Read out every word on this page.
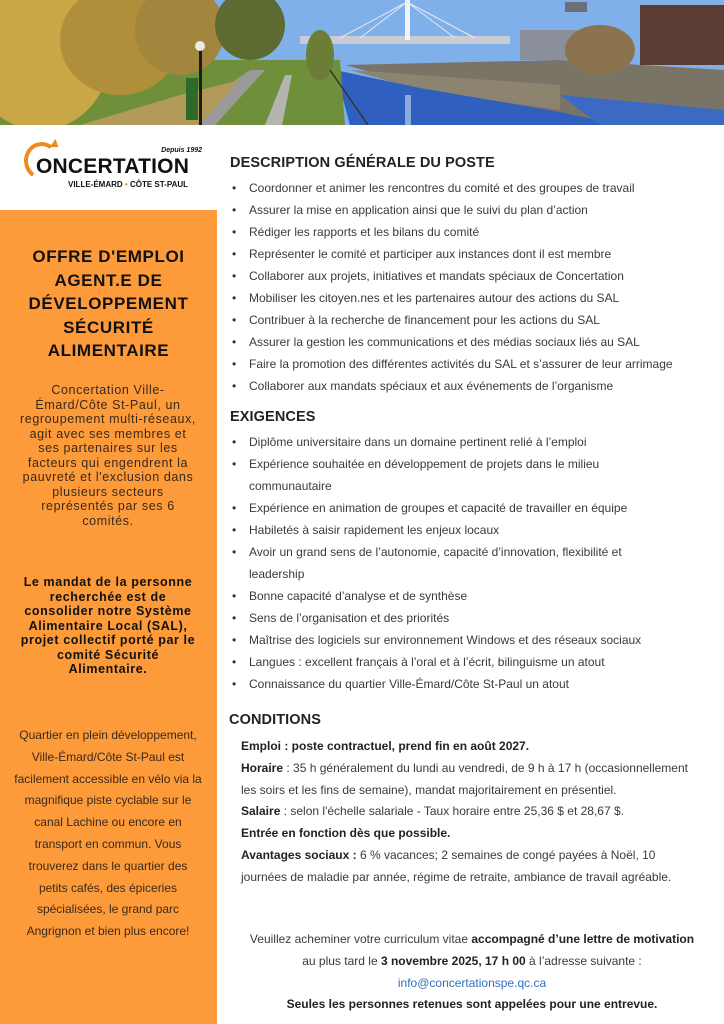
Depuis 1992
ONCERTATION
VILLE-ÉMARD • CÔTE ST-PAUL
OFFRE D'EMPLOI
AGENT.E DE
DÉVELOPPEMENT
SÉCURITÉ
ALIMENTAIRE

Concertation Ville-Émard/Côte St-Paul, un regroupement multi-réseaux, agit avec ses membres et ses partenaires sur les facteurs qui engendrent la pauvreté et l'exclusion dans plusieurs secteurs représentés par ses 6 comités.

Le mandat de la personne recherchée est de consolider notre Système Alimentaire Local (SAL), projet collectif porté par le comité Sécurité Alimentaire.

Quartier en plein développement, Ville-Émard/Côte St-Paul est facilement accessible en vélo via la magnifique piste cyclable sur le canal Lachine ou encore en transport en commun. Vous trouverez dans le quartier des petits cafés, des épiceries spécialisées, le grand parc Angrignon et bien plus encore!

DESCRIPTION GÉNÉRALE DU POSTE
• Coordonner et animer les rencontres du comité et des groupes de travail
• Assurer la mise en application ainsi que le suivi du plan d’action
• Rédiger les rapports et les bilans du comité
• Représenter le comité et participer aux instances dont il est membre
• Collaborer aux projets, initiatives et mandats spéciaux de Concertation
• Mobiliser les citoyen.nes et les partenaires autour des actions du SAL
• Contribuer à la recherche de financement pour les actions du SAL
• Assurer la gestion les communications et des médias sociaux liés au SAL
• Faire la promotion des différentes activités du SAL et s’assurer de leur arrimage
• Collaborer aux mandats spéciaux et aux événements de l’organisme
EXIGENCES
• Diplôme universitaire dans un domaine pertinent relié à l’emploi
• Expérience souhaitée en développement de projets dans le milieu communautaire
• Expérience en animation de groupes et capacité de travailler en équipe
• Habiletés à saisir rapidement les enjeux locaux
• Avoir un grand sens de l’autonomie, capacité d’innovation, flexibilité et leadership
• Bonne capacité d’analyse et de synthèse
• Sens de l’organisation et des priorités
• Maîtrise des logiciels sur environnement Windows et des réseaux sociaux
• Langues : excellent français à l’oral et à l’écrit, bilinguisme un atout
• Connaissance du quartier Ville-Émard/Côte St-Paul un atout
CONDITIONS
Emploi : poste contractuel, prend fin en août 2027.
Horaire : 35 h généralement du lundi au vendredi, de 9 h à 17 h (occasionnellement les soirs et les fins de semaine), mandat majoritairement en présentiel.
Salaire : selon l'échelle salariale - Taux horaire entre 25,36 $ et 28,67 $.
Entrée en fonction dès que possible.
Avantages sociaux : 6 % vacances; 2 semaines de congé payées à Noël, 10 journées de maladie par année, régime de retraite, ambiance de travail agréable.
Veuillez acheminer votre curriculum vitae accompagné d’une lettre de motivation
au plus tard le 3 novembre 2025, 17 h 00 à l’adresse suivante :
info@concertationspe.qc.ca
Seules les personnes retenues sont appelées pour une entrevue.
